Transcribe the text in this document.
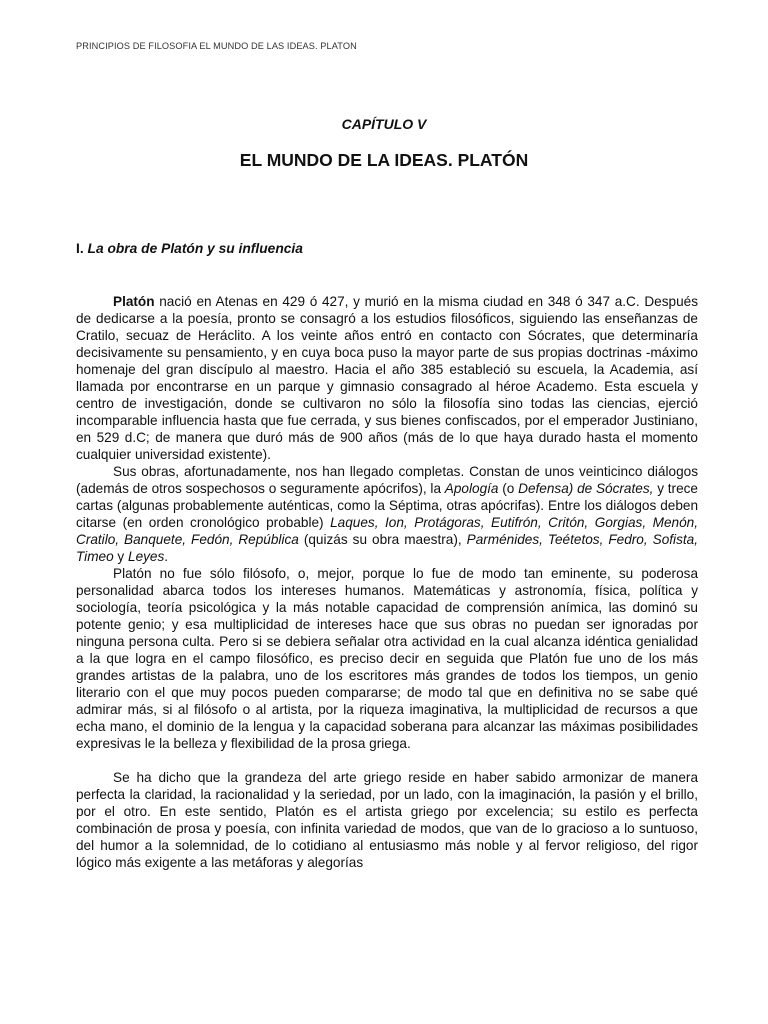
PRINCIPIOS DE FILOSOFIA EL MUNDO DE LAS IDEAS. PLATON

CAPÍTULO V
EL MUNDO DE LA IDEAS. PLATÓN
I. La obra de Platón y su influencia

Platón nació en Atenas en 429 ó 427, y murió en la misma ciudad en 348 ó 347 a.C. Después de dedicarse a la poesía, pronto se consagró a los estudios filosóficos, siguiendo las enseñanzas de Cratilo, secuaz de Heráclito. A los veinte años entró en contacto con Sócrates, que determinaría decisivamente su pensamiento, y en cuya boca puso la mayor parte de sus propias doctrinas -máximo homenaje del gran discípulo al maestro. Hacia el año 385 estableció su escuela, la Academia, así llamada por encontrarse en un parque y gimnasio consagrado al héroe Academo. Esta escuela y centro de investigación, donde se cultivaron no sólo la filosofía sino todas las ciencias, ejerció incomparable influencia hasta que fue cerrada, y sus bienes confiscados, por el emperador Justiniano, en 529 d.C; de manera que duró más de 900 años (más de lo que haya durado hasta el momento cualquier universidad existente).

Sus obras, afortunadamente, nos han llegado completas. Constan de unos veinticinco diálogos (además de otros sospechosos o seguramente apócrifos), la Apología (o Defensa) de Sócrates, y trece cartas (algunas probablemente auténticas, como la Séptima, otras apócrifas). Entre los diálogos deben citarse (en orden cronológico probable) Laques, Ion, Protágoras, Eutifrón, Critón, Gorgias, Menón, Cratilo, Banquete, Fedón, República (quizás su obra maestra), Parménides, Teétetos, Fedro, Sofista, Timeo y Leyes.

Platón no fue sólo filósofo, o, mejor, porque lo fue de modo tan eminente, su poderosa personalidad abarca todos los intereses humanos. Matemáticas y astronomía, física, política y sociología, teoría psicológica y la más notable capacidad de comprensión anímica, las dominó su potente genio; y esa multiplicidad de intereses hace que sus obras no puedan ser ignoradas por ninguna persona culta. Pero si se debiera señalar otra actividad en la cual alcanza idéntica genialidad a la que logra en el campo filosófico, es preciso decir en seguida que Platón fue uno de los más grandes artistas de la palabra, uno de los escritores más grandes de todos los tiempos, un genio literario con el que muy pocos pueden compararse; de modo tal que en definitiva no se sabe qué admirar más, si al filósofo o al artista, por la riqueza imaginativa, la multiplicidad de recursos a que echa mano, el dominio de la lengua y la capacidad soberana para alcanzar las máximas posibilidades expresivas le la belleza y flexibilidad de la prosa griega.

Se ha dicho que la grandeza del arte griego reside en haber sabido armonizar de manera perfecta la claridad, la racionalidad y la seriedad, por un lado, con la imaginación, la pasión y el brillo, por el otro. En este sentido, Platón es el artista griego por excelencia; su estilo es perfecta combinación de prosa y poesía, con infinita variedad de modos, que van de lo gracioso a lo suntuoso, del humor a la solemnidad, de lo cotidiano al entusiasmo más noble y al fervor religioso, del rigor lógico más exigente a las metáforas y alegorías
